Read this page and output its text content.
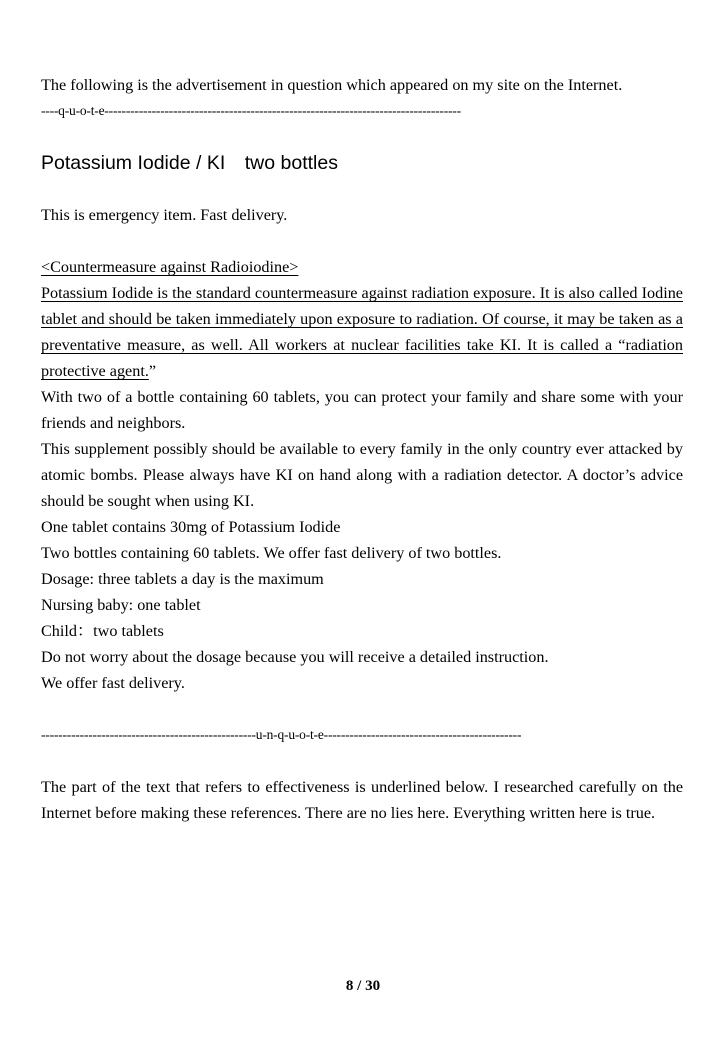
The following is the advertisement in question which appeared on my site on the Internet.

----q-u-o-t-e-----------------------------------------------------------------------------------
Potassium Iodide / KI　two bottles

This is emergency item. Fast delivery.

<Countermeasure against Radioiodine>

Potassium Iodide is the standard countermeasure against radiation exposure. It is also called Iodine tablet and should be taken immediately upon exposure to radiation. Of course, it may be taken as a preventative measure, as well. All workers at nuclear facilities take KI. It is called a “radiation protective agent.”

With two of a bottle containing 60 tablets, you can protect your family and share some with your friends and neighbors.

This supplement possibly should be available to every family in the only country ever attacked by atomic bombs. Please always have KI on hand along with a radiation detector. A doctor’s advice should be sought when using KI.

One tablet contains 30mg of Potassium Iodide

Two bottles containing 60 tablets. We offer fast delivery of two bottles.

Dosage: three tablets a day is the maximum

Nursing baby: one tablet

Child：two tablets

Do not worry about the dosage because you will receive a detailed instruction.

We offer fast delivery.

--------------------------------------------------u-n-q-u-o-t-e----------------------------------------------

The part of the text that refers to effectiveness is underlined below. I researched carefully on the Internet before making these references. There are no lies here. Everything written here is true.

8 / 30
